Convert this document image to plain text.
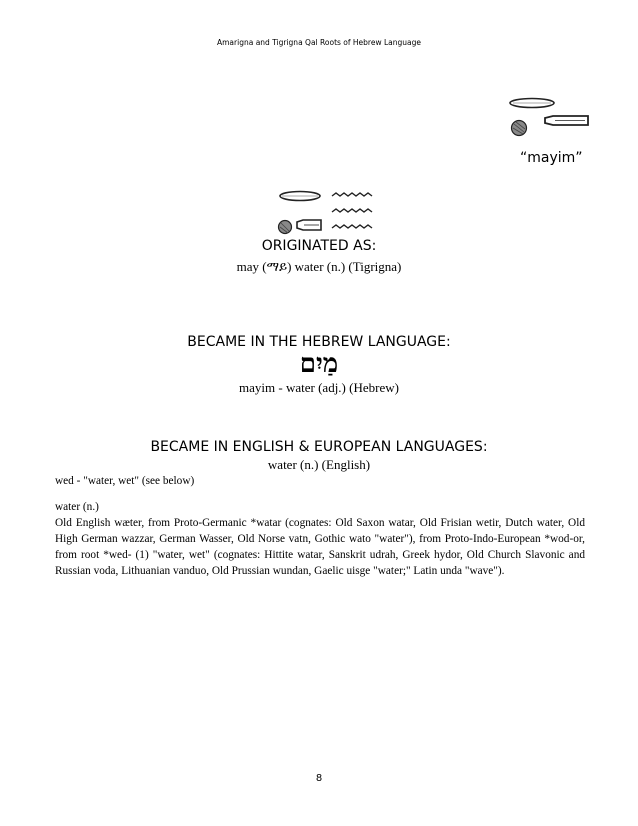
Amarigna and Tigrigna Qal Roots of Hebrew Language
“mayim”
ORIGINATED AS:
may (ማይ) water (n.) (Tigrigna)
BECAME IN THE HEBREW LANGUAGE:
מַיִם
mayim - water (adj.) (Hebrew)
BECAME IN ENGLISH & EUROPEAN LANGUAGES:
water (n.) (English)
wed - "water, wet" (see below)
water (n.)
Old English wæter, from Proto-Germanic *watar (cognates: Old Saxon watar, Old Frisian wetir, Dutch water, Old High German wazzar, German Wasser, Old Norse vatn, Gothic wato "water"), from Proto-Indo-European *wod-or, from root *wed- (1) "water, wet" (cognates: Hittite watar, Sanskrit udrah, Greek hydor, Old Church Slavonic and Russian voda, Lithuanian vanduo, Old Prussian wundan, Gaelic uisge "water;" Latin unda "wave").
8
